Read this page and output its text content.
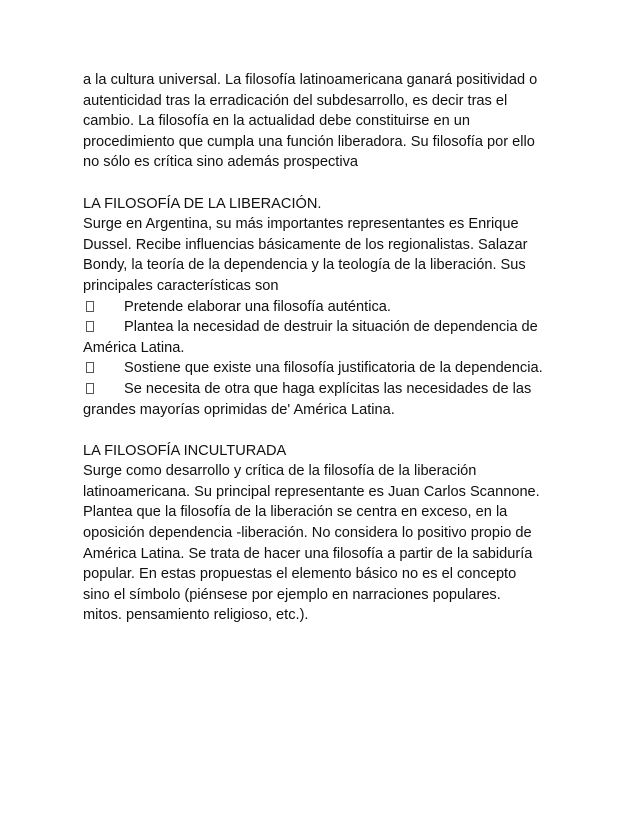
a la cultura universal. La filosofía latinoamericana ganará positividad o
autenticidad tras la erradicación del subdesarrollo, es decir tras el
cambio. La filosofía en la actualidad debe constituirse en un
procedimiento que cumpla una función liberadora. Su filosofía por ello
no sólo es crítica sino además prospectiva
LA FILOSOFÍA DE LA LIBERACIÓN.
Surge en Argentina, su más importantes representantes es Enrique
Dussel. Recibe influencias básicamente de los regionalistas. Salazar
Bondy, la teoría de la dependencia y la teología de la liberación. Sus
principales características son
Pretende elaborar una filosofía auténtica.
Plantea la necesidad de destruir la situación de dependencia de
América Latina.
Sostiene que existe una filosofía justificatoria de la dependencia.
Se necesita de otra que haga explícitas las necesidades de las
grandes mayorías oprimidas de' América Latina.
LA FILOSOFÍA INCULTURADA
Surge como desarrollo y crítica de la filosofía de la liberación
latinoamericana. Su principal representante es Juan Carlos Scannone.
Plantea que la filosofía de la liberación se centra en exceso, en la
oposición dependencia -liberación. No considera lo positivo propio de
América Latina. Se trata de hacer una filosofía a partir de la sabiduría
popular. En estas propuestas el elemento básico no es el concepto
sino el símbolo (piénsese por ejemplo en narraciones populares.
mitos. pensamiento religioso, etc.).
